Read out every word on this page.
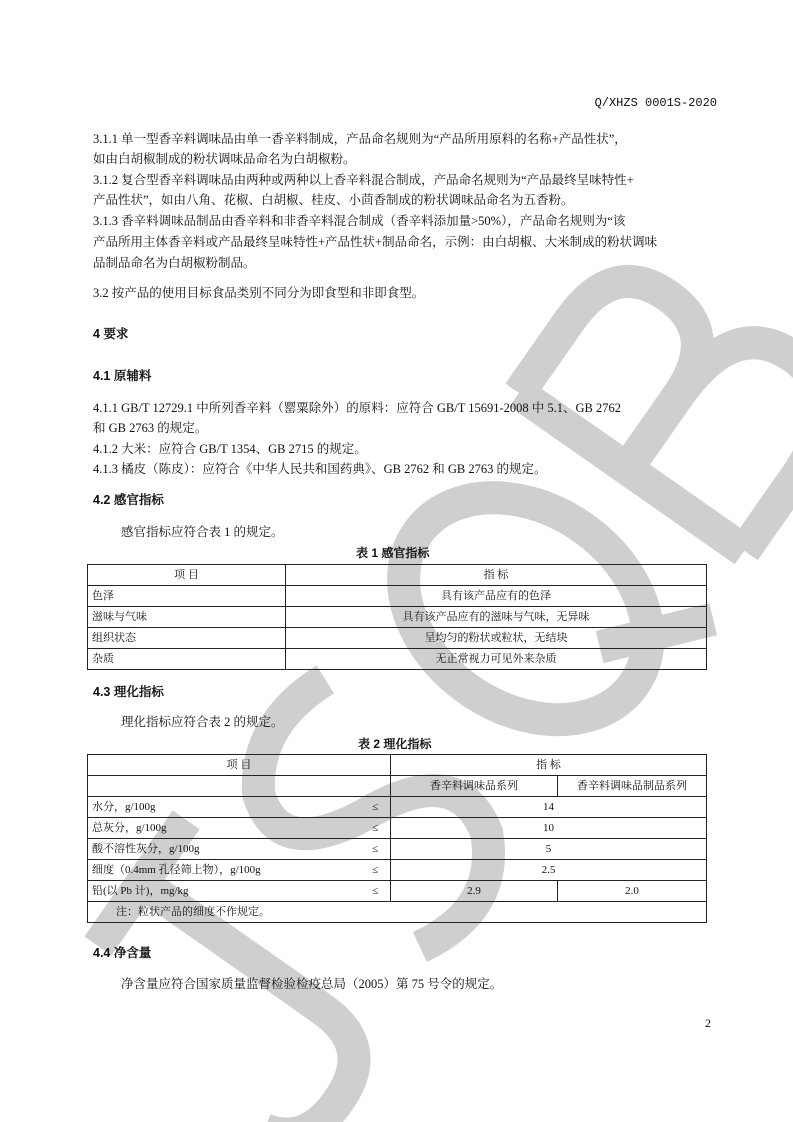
Q/XHZS 0001S-2020
3.1.1 单一型香辛料调味品由单一香辛料制成，产品命名规则为“产品所用原料的名称+产品性状”，
如由白胡椒制成的粉状调味品命名为白胡椒粉。
3.1.2 复合型香辛料调味品由两种或两种以上香辛料混合制成，产品命名规则为“产品最终呈味特性+
产品性状”，如由八角、花椒、白胡椒、桂皮、小茴香制成的粉状调味品命名为五香粉。
3.1.3 香辛料调味品制品由香辛料和非香辛料混合制成（香辛料添加量>50%），产品命名规则为“该
产品所用主体香辛料或产品最终呈味特性+产品性状+制品命名，示例：由白胡椒、大米制成的粉状调味
品制品命名为白胡椒粉制品。
3.2 按产品的使用目标食品类别不同分为即食型和非即食型。
4 要求
4.1 原辅料
4.1.1 GB/T 12729.1 中所列香辛料（罂粟除外）的原料：应符合 GB/T 15691-2008 中 5.1、GB 2762
和 GB 2763 的规定。
4.1.2 大米：应符合 GB/T 1354、GB 2715 的规定。
4.1.3 橘皮（陈皮）：应符合《中华人民共和国药典》、GB 2762 和 GB 2763 的规定。
4.2 感官指标
感官指标应符合表 1 的规定。
表 1 感官指标
项 目	指 标
色泽	具有该产品应有的色泽
滋味与气味	具有该产品应有的滋味与气味，无异味
组织状态	呈均匀的粉状或粒状，无结块
杂质	无正常视力可见外来杂质
4.3 理化指标
理化指标应符合表 2 的规定。
表 2 理化指标
项 目		指 标	
		香辛料调味品系列	香辛料调味品制品系列
水分，g/100g	≤	14	
总灰分，g/100g	≤	10	
酸不溶性灰分，g/100g	≤	5	
细度（0.4mm 孔径筛上物），g/100g	≤	2.5	
铅(以 Pb 计)，mg/kg	≤	2.9	2.0
注：粒状产品的细度不作规定。			
4.4 净含量
净含量应符合国家质量监督检验检疫总局（2005）第 75 号令的规定。
2
